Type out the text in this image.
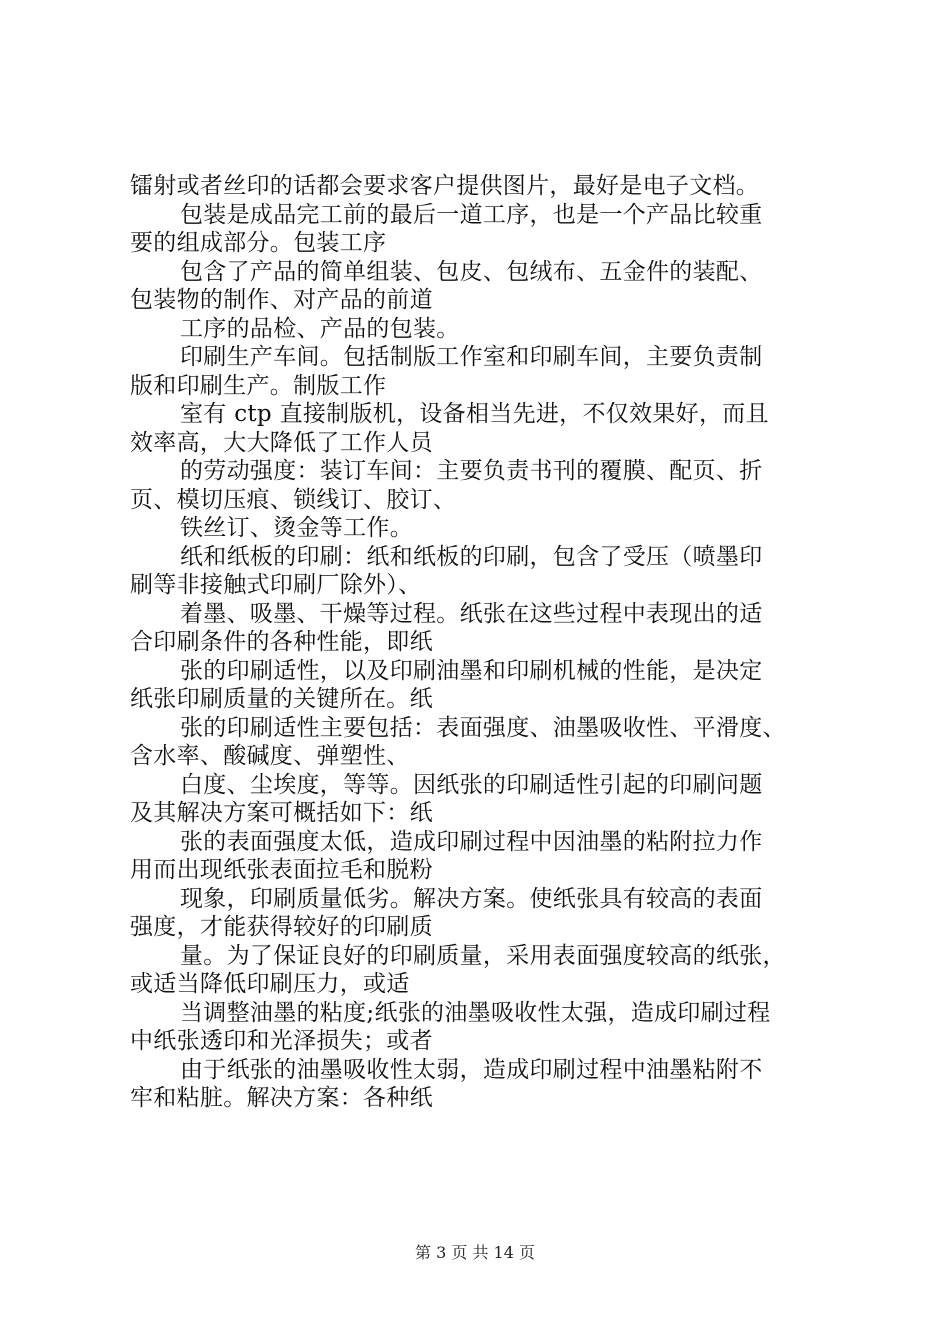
镭射或者丝印的话都会要求客户提供图片，最好是电子文档。
包装是成品完工前的最后一道工序，也是一个产品比较重
要的组成部分。包装工序
包含了产品的简单组装、包皮、包绒布、五金件的装配、
包装物的制作、对产品的前道
工序的品检、产品的包装。
印刷生产车间。包括制版工作室和印刷车间，主要负责制
版和印刷生产。制版工作
室有 ctp 直接制版机，设备相当先进，不仅效果好，而且
效率高，大大降低了工作人员
的劳动强度：装订车间：主要负责书刊的覆膜、配页、折
页、模切压痕、锁线订、胶订、
铁丝订、烫金等工作。
纸和纸板的印刷：纸和纸板的印刷，包含了受压（喷墨印
刷等非接触式印刷厂除外）、
着墨、吸墨、干燥等过程。纸张在这些过程中表现出的适
合印刷条件的各种性能，即纸
张的印刷适性，以及印刷油墨和印刷机械的性能，是决定
纸张印刷质量的关键所在。纸
张的印刷适性主要包括：表面强度、油墨吸收性、平滑度、
含水率、酸碱度、弹塑性、
白度、尘埃度，等等。因纸张的印刷适性引起的印刷问题
及其解决方案可概括如下：纸
张的表面强度太低，造成印刷过程中因油墨的粘附拉力作
用而出现纸张表面拉毛和脱粉
现象，印刷质量低劣。解决方案。使纸张具有较高的表面
强度，才能获得较好的印刷质
量。为了保证良好的印刷质量，采用表面强度较高的纸张，
或适当降低印刷压力，或适
当调整油墨的粘度;纸张的油墨吸收性太强，造成印刷过程
中纸张透印和光泽损失；或者
由于纸张的油墨吸收性太弱，造成印刷过程中油墨粘附不
牢和粘脏。解决方案：各种纸
第 3 页 共 14 页
